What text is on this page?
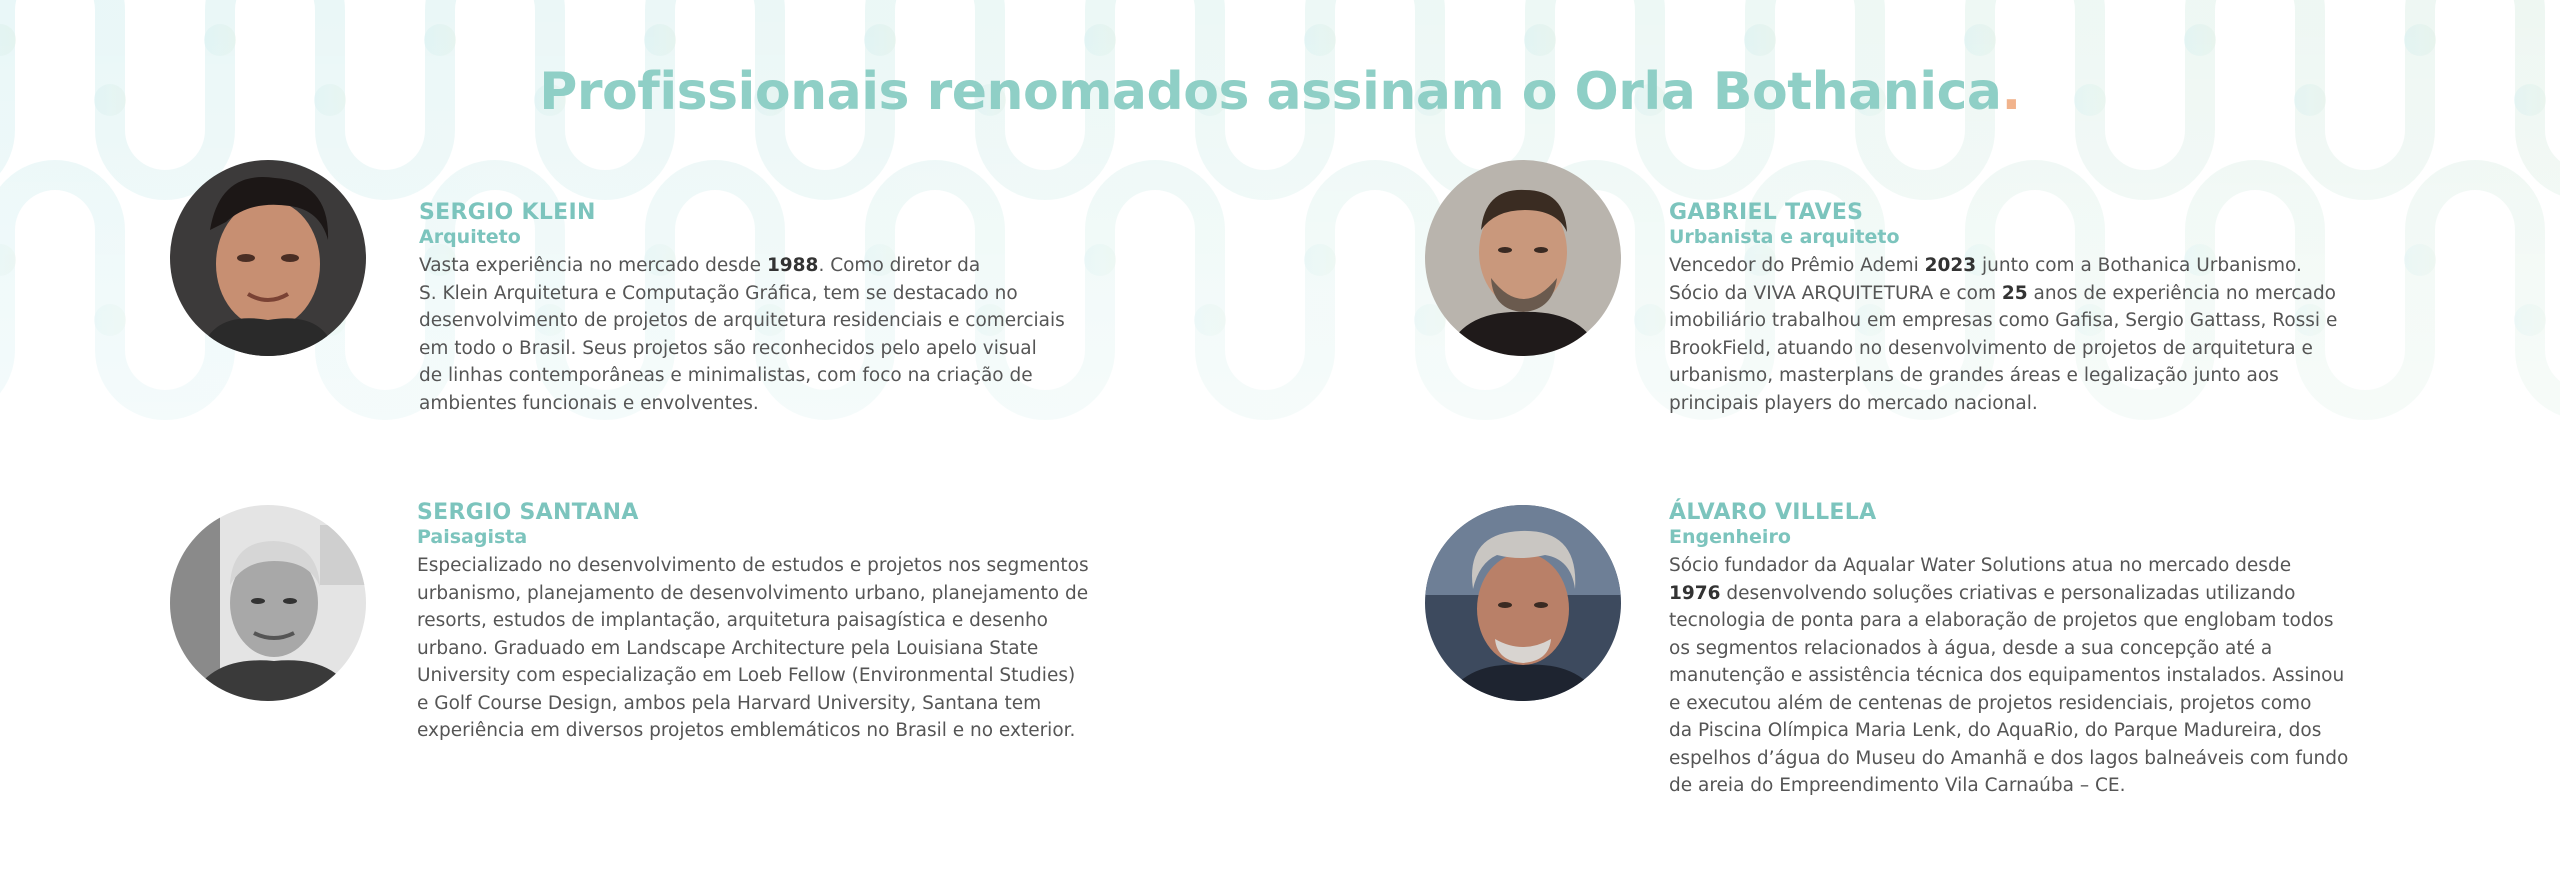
Profissionais renomados assinam o Orla Bothanica.
SERGIO KLEIN
Arquiteto

Vasta experiência no mercado desde 1988. Como diretor da

S. Klein Arquitetura e Computação Gráfica, tem se destacado no

desenvolvimento de projetos de arquitetura residenciais e comerciais

em todo o Brasil. Seus projetos são reconhecidos pelo apelo visual

de linhas contemporâneas e minimalistas, com foco na criação de

ambientes funcionais e envolventes.

GABRIEL TAVES
Urbanista e arquiteto

Vencedor do Prêmio Ademi 2023 junto com a Bothanica Urbanismo.

Sócio da VIVA ARQUITETURA e com 25 anos de experiência no mercado

imobiliário trabalhou em empresas como Gafisa, Sergio Gattass, Rossi e

BrookField, atuando no desenvolvimento de projetos de arquitetura e

urbanismo, masterplans de grandes áreas e legalização junto aos

principais players do mercado nacional.

SERGIO SANTANA
Paisagista

Especializado no desenvolvimento de estudos e projetos nos segmentos

urbanismo, planejamento de desenvolvimento urbano, planejamento de

resorts, estudos de implantação, arquitetura paisagística e desenho

urbano. Graduado em Landscape Architecture pela Louisiana State

University com especialização em Loeb Fellow (Environmental Studies)

e Golf Course Design, ambos pela Harvard University, Santana tem

experiência em diversos projetos emblemáticos no Brasil e no exterior.

ÁLVARO VILLELA
Engenheiro

Sócio fundador da Aqualar Water Solutions atua no mercado desde

1976 desenvolvendo soluções criativas e personalizadas utilizando

tecnologia de ponta para a elaboração de projetos que englobam todos

os segmentos relacionados à água, desde a sua concepção até a

manutenção e assistência técnica dos equipamentos instalados. Assinou

e executou além de centenas de projetos residenciais, projetos como

da Piscina Olímpica Maria Lenk, do AquaRio, do Parque Madureira, dos

espelhos d’água do Museu do Amanhã e dos lagos balneáveis com fundo

de areia do Empreendimento Vila Carnaúba – CE.
